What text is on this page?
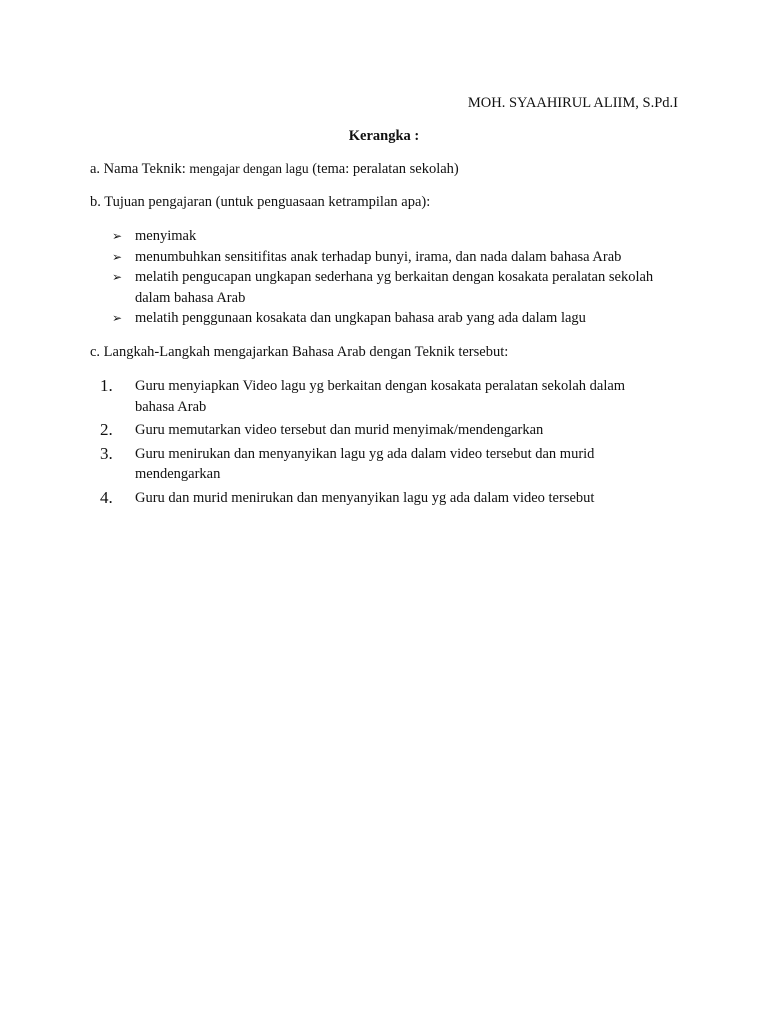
MOH. SYAAHIRUL ALIIM, S.Pd.I
Kerangka :
a. Nama Teknik: mengajar dengan lagu (tema: peralatan sekolah)
b. Tujuan pengajaran (untuk penguasaan ketrampilan apa):
➢ menyimak
➢ menumbuhkan sensitifitas anak terhadap bunyi, irama, dan nada dalam bahasa Arab
➢ melatih pengucapan ungkapan sederhana yg berkaitan dengan kosakata peralatan sekolah dalam bahasa Arab
➢ melatih penggunaan kosakata dan ungkapan bahasa arab yang ada dalam lagu
c. Langkah-Langkah mengajarkan Bahasa Arab dengan Teknik tersebut:
1. Guru menyiapkan Video lagu yg berkaitan dengan kosakata peralatan sekolah dalam bahasa Arab
2. Guru memutarkan video tersebut dan murid menyimak/mendengarkan
3. Guru menirukan dan menyanyikan lagu yg ada dalam video tersebut dan murid mendengarkan
4. Guru dan murid menirukan dan menyanyikan lagu yg ada dalam video tersebut
